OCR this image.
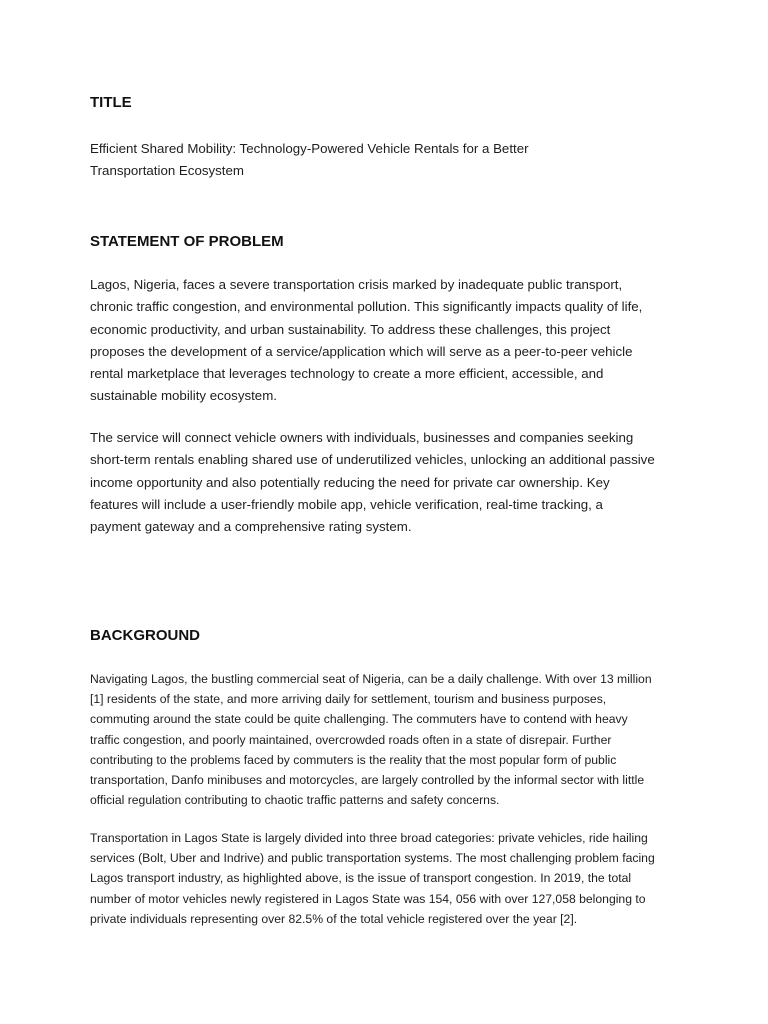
TITLE

Efficient Shared Mobility: Technology-Powered Vehicle Rentals for a Better
Transportation Ecosystem

STATEMENT OF PROBLEM

Lagos, Nigeria, faces a severe transportation crisis marked by inadequate public transport,
chronic traffic congestion, and environmental pollution. This significantly impacts quality of life,
economic productivity, and urban sustainability. To address these challenges, this project
proposes the development of a service/application which will serve as a peer-to-peer vehicle
rental marketplace that leverages technology to create a more efficient, accessible, and
sustainable mobility ecosystem.

The service will connect vehicle owners with individuals, businesses and companies seeking
short-term rentals enabling shared use of underutilized vehicles, unlocking an additional passive
income opportunity and also potentially reducing the need for private car ownership. Key
features will include a user-friendly mobile app, vehicle verification, real-time tracking, a
payment gateway and a comprehensive rating system.

BACKGROUND

Navigating Lagos, the bustling commercial seat of Nigeria, can be a daily challenge. With over 13 million
[1] residents of the state, and more arriving daily for settlement, tourism and business purposes,
commuting around the state could be quite challenging. The commuters have to contend with heavy
traffic congestion, and poorly maintained, overcrowded roads often in a state of disrepair. Further
contributing to the problems faced by commuters is the reality that the most popular form of public
transportation, Danfo minibuses and motorcycles, are largely controlled by the informal sector with little
official regulation contributing to chaotic traffic patterns and safety concerns.

Transportation in Lagos State is largely divided into three broad categories: private vehicles, ride hailing
services (Bolt, Uber and Indrive) and public transportation systems. The most challenging problem facing
Lagos transport industry, as highlighted above, is the issue of transport congestion. In 2019, the total
number of motor vehicles newly registered in Lagos State was 154, 056 with over 127,058 belonging to
private individuals representing over 82.5% of the total vehicle registered over the year [2].
